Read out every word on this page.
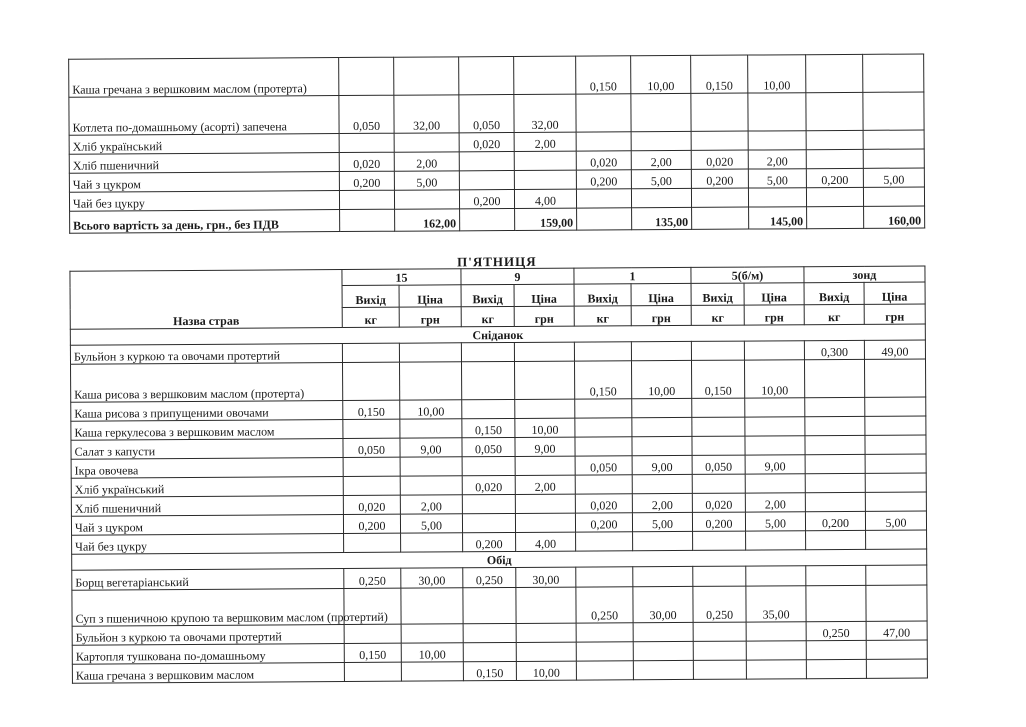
Каша гречана з вершковим маслом (протерта)					0,150	10,00	0,150	10,00		
Котлета по-домашньому (асорті) запечена	0,050	32,00	0,050	32,00						
Хліб український			0,020	2,00						
Хліб пшеничний	0,020	2,00			0,020	2,00	0,020	2,00		
Чай з цукром	0,200	5,00			0,200	5,00	0,200	5,00	0,200	5,00
Чай без цукру			0,200	4,00						
Всього вартість за день, грн., без ПДВ		162,00		159,00		135,00		145,00		160,00
П'ЯТНИЦЯ
Назва страв	15		9		1		5(б/м)		зонд	
	Вихід	Ціна	Вихід	Ціна	Вихід	Ціна	Вихід	Ціна	Вихід	Ціна
	кг	грн	кг	грн	кг	грн	кг	грн	кг	грн
Сніданок										
Бульйон з куркою та овочами протертий									0,300	49,00
Каша рисова з вершковим маслом (протерта)					0,150	10,00	0,150	10,00		
Каша рисова з припущеними овочами	0,150	10,00								
Каша геркулесова з вершковим маслом			0,150	10,00						
Салат з капусти	0,050	9,00	0,050	9,00						
Ікра овочева					0,050	9,00	0,050	9,00		
Хліб український			0,020	2,00						
Хліб пшеничний	0,020	2,00			0,020	2,00	0,020	2,00		
Чай з цукром	0,200	5,00			0,200	5,00	0,200	5,00	0,200	5,00
Чай без цукру			0,200	4,00						
Обід										
Борщ вегетаріанський	0,250	30,00	0,250	30,00						
Суп з пшеничною крупою та вершковим маслом (протертий)					0,250	30,00	0,250	35,00		
Бульйон з куркою та овочами протертий									0,250	47,00
Картопля тушкована по-домашньому	0,150	10,00								
Каша гречана з вершковим маслом			0,150	10,00						
